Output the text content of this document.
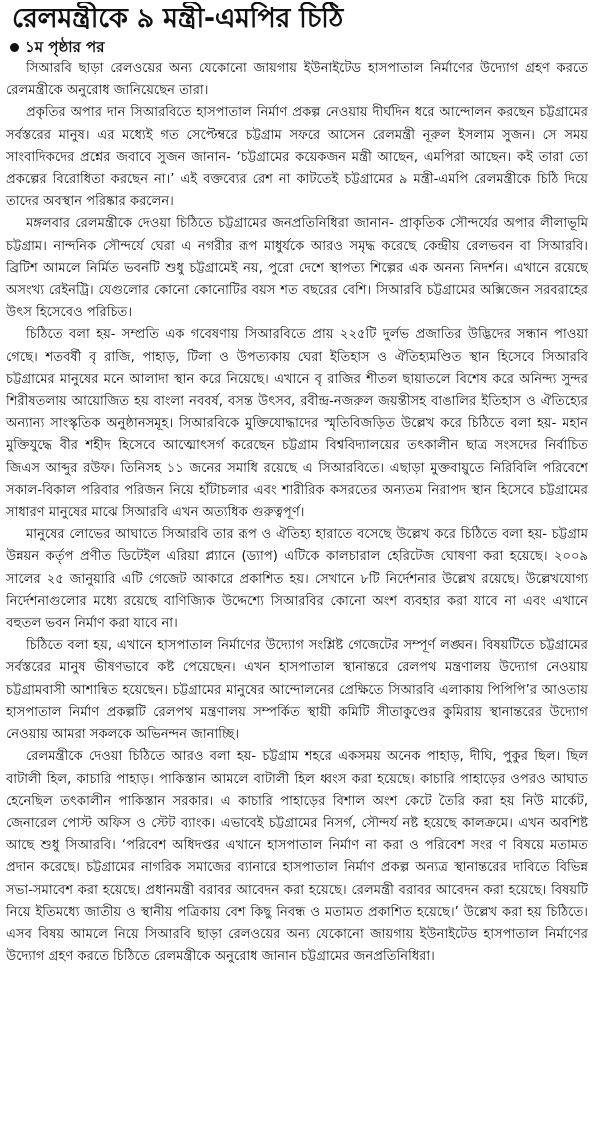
রেলমন্ত্রীকে ৯ মন্ত্রী-এমপির চিঠি
১ম পৃষ্ঠার পর

সিআরবি ছাড়া রেলওয়ের অন্য যেকোনো জায়গায় ইউনাইটেড হাসপাতাল নির্মাণের উদ্যোগ গ্রহণ করতে রেলমন্ত্রীকে অনুরোধ জানিয়েছেন তারা।

প্রকৃতির অপার দান সিআরবিতে হাসপাতাল নির্মাণ প্রকল্প নেওয়ায় দীর্ঘদিন ধরে আন্দোলন করছেন চট্টগ্রামের সর্বস্তরের মানুষ। এর মধ্যেই গত সেপ্টেম্বরে চট্টগ্রাম সফরে আসেন রেলমন্ত্রী নূরুল ইসলাম সুজন। সে সময় সাংবাদিকদের প্রশ্নের জবাবে সুজন জানান- ‘চট্টগ্রামের কয়েকজন মন্ত্রী আছেন, এমপিরা আছেন। কই তারা তো প্রকল্পের বিরোধিতা করছেন না।’ এই বক্তব্যের রেশ না কাটতেই চট্টগ্রামের ৯ মন্ত্রী-এমপি রেলমন্ত্রীকে চিঠি দিয়ে তাদের অবস্থান পরিষ্কার করলেন।

মঙ্গলবার রেলমন্ত্রীকে দেওয়া চিঠিতে চট্টগ্রামের জনপ্রতিনিধিরা জানান- প্রাকৃতিক সৌন্দর্যের অপার লীলাভূমি চট্টগ্রাম। নান্দনিক সৌন্দর্যে ঘেরা এ নগরীর রূপ মাধুর্যকে আরও সমৃদ্ধ করেছে কেন্দ্রীয় রেলভবন বা সিআরবি। ব্রিটিশ আমলে নির্মিত ভবনটি শুধু চট্টগ্রামেই নয়, পুরো দেশে স্থাপত্য শিল্পের এক অনন্য নিদর্শন। এখানে রয়েছে অসংখ্য রেইনট্রি। যেগুলোর কোনো কোনোটির বয়স শত বছরের বেশি। সিআরবি চট্টগ্রামের অক্সিজেন সরবরাহের উৎস হিসেবেও পরিচিত।

চিঠিতে বলা হয়- সম্প্রতি এক গবেষণায় সিআরবিতে প্রায় ২২৫টি দুর্লভ প্রজাতির উদ্ভিদের সন্ধান পাওয়া গেছে। শতবর্ষী বৃ রাজি, পাহাড়, টিলা ও উপত্যকায় ঘেরা ইতিহাস ও ঐতিহ্যমণ্ডিত স্থান হিসেবে সিআরবি চট্টগ্রামের মানুষের মনে আলাদা স্থান করে নিয়েছে। এখানে বৃ রাজির শীতল ছায়াতলে বিশেষ করে অনিন্দ্য সুন্দর শিরীষতলায় আয়োজিত হয় বাংলা নববর্ষ, বসন্ত উৎসব, রবীন্দ্র-নজরুল জয়ন্তীসহ বাঙালির ইতিহাস ও ঐতিহ্যের অন্যান্য সাংস্কৃতিক অনুষ্ঠানসমূহ। সিআরবিকে মুক্তিযোদ্ধাদের স্মৃতিবিজড়িত উল্লেখ করে চিঠিতে বলা হয়- মহান মুক্তিযুদ্ধে বীর শহীদ হিসেবে আত্মোৎসর্গ করেছেন চট্টগ্রাম বিশ্ববিদ্যালয়ের তৎকালীন ছাত্র সংসদের নির্বাচিত জিএস আব্দুর রউফ। তিনিসহ ১১ জনের সমাধি রয়েছে এ সিআরবিতে। এছাড়া মুক্তবায়ুতে নিরিবিলি পরিবেশে সকাল-বিকাল পরিবার পরিজন নিয়ে হাঁটাচলার এবং শারীরিক কসরতের অন্যতম নিরাপদ স্থান হিসেবে চট্টগ্রামের সাধারণ মানুষের মাঝে সিআরবি এখন অত্যধিক গুরুত্বপূর্ণ।

মানুষের লোভের আঘাতে সিআরবি তার রূপ ও ঐতিহ্য হারাতে বসেছে উল্লেখ করে চিঠিতে বলা হয়- চট্টগ্রাম উন্নয়ন কর্তৃপ প্রণীত ডিটেইল এরিয়া প্ল্যানে (ড্যাপ) এটিকে কালচারাল হেরিটেজ ঘোষণা করা হয়েছে। ২০০৯ সালের ২৫ জানুয়ারি এটি গেজেট আকারে প্রকাশিত হয়। সেখানে ৮টি নির্দেশনার উল্লেখ রয়েছে। উল্লেখযোগ্য নির্দেশনাগুলোর মধ্যে রয়েছে বাণিজ্যিক উদ্দেশ্যে সিআরবির কোনো অংশ ব্যবহার করা যাবে না এবং এখানে বহুতল ভবন নির্মাণ করা যাবে না।

চিঠিতে বলা হয়, এখানে হাসপাতাল নির্মাণের উদ্যোগ সংশ্লিষ্ট গেজেটের সম্পূর্ণ লঙ্ঘন। বিষয়টিতে চট্টগ্রামের সর্বস্তরের মানুষ ভীষণভাবে কষ্ট পেয়েছেন। এখন হাসপাতাল স্থানান্তরে রেলপথ মন্ত্রণালয় উদ্যোগ নেওয়ায় চট্টগ্রামবাসী আশান্বিত হয়েছেন। চট্টগ্রামের মানুষের আন্দোলনের প্রেক্ষিতে সিআরবি এলাকায় পিপিপি’র আওতায় হাসপাতাল নির্মাণ প্রকল্পটি রেলপথ মন্ত্রণালয় সম্পর্কিত স্থায়ী কমিটি সীতাকুণ্ডের কুমিরায় স্থানান্তরের উদ্যোগ নেওয়ায় আমরা সকলকে অভিনন্দন জানাচ্ছি।

রেলমন্ত্রীকে দেওয়া চিঠিতে আরও বলা হয়- চট্টগ্রাম শহরে একসময় অনেক পাহাড়, দীঘি, পুকুর ছিল। ছিল বাটালী হিল, কাচারি পাহাড়। পাকিস্তান আমলে বাটালী হিল ধ্বংস করা হয়েছে। কাচারি পাহাড়ের ওপরও আঘাত হেনেছিল তৎকালীন পাকিস্তান সরকার। এ কাচারি পাহাড়ের বিশাল অংশ কেটে তৈরি করা হয় নিউ মার্কেট, জেনারেল পোস্ট অফিস ও স্টেট ব্যাংক। এভাবেই চট্টগ্রামের নিসর্গ, সৌন্দর্য নষ্ট হয়েছে কালক্রমে। এখন অবশিষ্ট আছে শুধু সিআরবি। ‘পরিবেশ অধিদপ্তর এখানে হাসপাতাল নির্মাণ না করা ও পরিবেশ সংর ণ বিষয়ে মতামত প্রদান করেছে। চট্টগ্রামের নাগরিক সমাজের ব্যানারে হাসপাতাল নির্মাণ প্রকল্প অন্যত্র স্থানান্তরের দাবিতে বিভিন্ন সভা-সমাবেশ করা হয়েছে। প্রধানমন্ত্রী বরাবর আবেদন করা হয়েছে। রেলমন্ত্রী বরাবর আবেদন করা হয়েছে। বিষয়টি নিয়ে ইতিমধ্যে জাতীয় ও স্থানীয় পত্রিকায় বেশ কিছু নিবন্ধ ও মতামত প্রকাশিত হয়েছে।’ উল্লেখ করা হয় চিঠিতে। এসব বিষয় আমলে নিয়ে সিআরবি ছাড়া রেলওয়ের অন্য যেকোনো জায়গায় ইউনাইটেড হাসপাতাল নির্মাণের উদ্যোগ গ্রহণ করতে চিঠিতে রেলমন্ত্রীকে অনুরোধ জানান চট্টগ্রামের জনপ্রতিনিধিরা।
